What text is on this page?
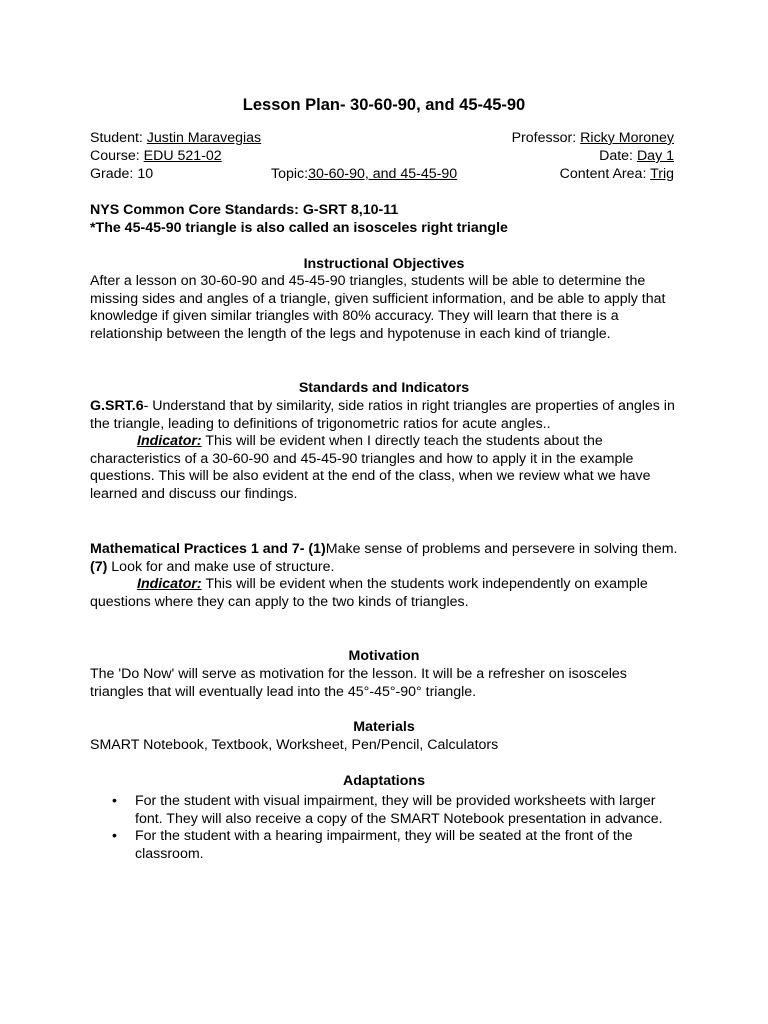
Lesson Plan- 30-60-90, and 45-45-90
Student: Justin Maravegias	Professor: Ricky Moroney
Course: EDU 521-02	Date: Day 1
Grade: 10	Topic:30-60-90, and 45-45-90	Content Area: Trig
NYS Common Core Standards: G-SRT 8,10-11
*The 45-45-90 triangle is also called an isosceles right triangle
Instructional Objectives
After a lesson on 30-60-90 and 45-45-90 triangles, students will be able to determine the missing sides and angles of a triangle, given sufficient information, and be able to apply that knowledge if given similar triangles with 80% accuracy. They will learn that there is a relationship between the length of the legs and hypotenuse in each kind of triangle.
Standards and Indicators
G.SRT.6- Understand that by similarity, side ratios in right triangles are properties of angles in the triangle, leading to definitions of trigonometric ratios for acute angles..
Indicator: This will be evident when I directly teach the students about the characteristics of a 30-60-90 and 45-45-90 triangles and how to apply it in the example questions. This will be also evident at the end of the class, when we review what we have learned and discuss our findings.
Mathematical Practices 1 and 7- (1)Make sense of problems and persevere in solving them. (7) Look for and make use of structure.
Indicator: This will be evident when the students work independently on example questions where they can apply to the two kinds of triangles.
Motivation
The 'Do Now' will serve as motivation for the lesson. It will be a refresher on isosceles triangles that will eventually lead into the 45°-45°-90° triangle.
Materials
SMART Notebook, Textbook, Worksheet, Pen/Pencil, Calculators
Adaptations
• For the student with visual impairment, they will be provided worksheets with larger font. They will also receive a copy of the SMART Notebook presentation in advance.
• For the student with a hearing impairment, they will be seated at the front of the classroom.
